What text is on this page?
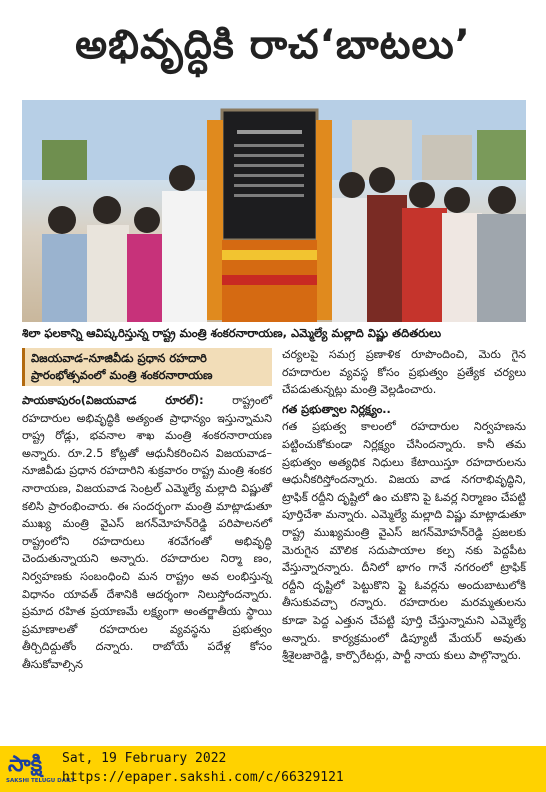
అభివృద్ధికి రాచ‘బాటలు’
శిలా ఫలకాన్ని ఆవిష్కరిస్తున్న రాష్ట్ర మంత్రి శంకరనారాయణ, ఎమ్మెల్యే మల్లాది విష్ణు తదితరులు
విజయవాడ–నూజివీడు ప్రధాన రహదారి
ప్రారంభోత్సవంలో మంత్రి శంకరనారాయణ

పాయకాపురం(విజయవాడ రూరల్):	రాష్ట్రంలో రహదారుల అభివృద్ధికి అత్యంత ప్రాధాన్యం ఇస్తున్నామని రాష్ట్ర రోడ్లు, భవనాల శాఖ మంత్రి శంకరనారాయణ అన్నారు. రూ.2.5 కోట్లతో ఆధునీకరించిన విజయవాడ–నూజివీడు ప్రధాన రహదారిని శుక్రవారం రాష్ట్ర మంత్రి శంకర నారాయణ, విజయవాడ సెంట్రల్ ఎమ్మెల్యే మల్లాది విష్ణుతో కలిసి ప్రారంభించారు. ఈ సందర్భంగా మంత్రి మాట్లాడుతూ ముఖ్య మంత్రి వైఎస్ జగన్‌మోహన్‌రెడ్డి పరిపాలనలో రాష్ట్రంలోని రహదారులు శరవేగంతో అభివృద్ధి చెందుతున్నాయని అన్నారు. రహదారుల నిర్మా ణం, నిర్వహణకు సంబంధించి మన రాష్ట్రం అవ లంభిస్తున్న విధానం యావత్ దేశానికి ఆదర్శంగా నిలుస్తోందన్నారు. ప్రమాద రహిత ప్రయాణమే లక్ష్యంగా అంతర్జాతీయ స్థాయి ప్రమాణాలతో రహదారుల వ్యవస్థను ప్రభుత్వం తీర్చిదిద్దుతోం దన్నారు. రాబోయే పదేళ్ల కోసం తీసుకోవాల్సిన

చర్యలపై సమగ్ర ప్రణాళిక రూపొందించి, మెరు గైన రహదారుల వ్యవస్థ కోసం ప్రభుత్వం ప్రత్యేక చర్యలు చేపడుతున్నట్లు మంత్రి వెల్లడించారు.

గత ప్రభుత్వాల నిర్లక్ష్యం..

గత ప్రభుత్వ కాలంలో రహదారుల నిర్వహణను పట్టించుకోకుండా నిర్లక్ష్యం చేసిందన్నారు. కానీ తమ ప్రభుత్వం అత్యధిక నిధులు కేటాయిస్తూ రహదారులను ఆధునీకరిస్తోందన్నారు. విజయ వాడ నగరాభివృద్ధిని, ట్రాఫిక్ రద్దీని దృష్టిలో ఉం చుకొని పై ఓవర్ల నిర్మాణం చేపట్టి పూర్తిచేశా మన్నారు. ఎమ్మెల్యే మల్లాది విష్ణు మాట్లాడుతూ రాష్ట్ర ముఖ్యమంత్రి వైఎస్ జగన్‌మోహన్‌రెడ్డి ప్రజలకు మెరుగైన మౌలిక సదుపాయాల కల్ప నకు పెద్దపీట వేస్తున్నారన్నారు. దీనిలో భాగం గానే నగరంలో ట్రాఫిక్ రద్దీని దృష్టిలో పెట్టుకొని ఫ్లై ఓవర్లను అందుబాటులోకి తీసుకువచ్చా రన్నారు. రహదారుల మరమ్మతులను కూడా పెద్ద ఎత్తున చేపట్టి పూర్తి చేస్తున్నామని ఎమ్మెల్యే అన్నారు. కార్యక్రమంలో డిప్యూటీ మేయర్ అవుతు శ్రీశైలజారెడ్డి, కార్పొరేటర్లు, పార్టీ నాయ కులు పాల్గొన్నారు.

సాక్షి
SAKSHI TELUGU DAILY
Sat, 19 February 2022
https://epaper.sakshi.com/c/66329121
